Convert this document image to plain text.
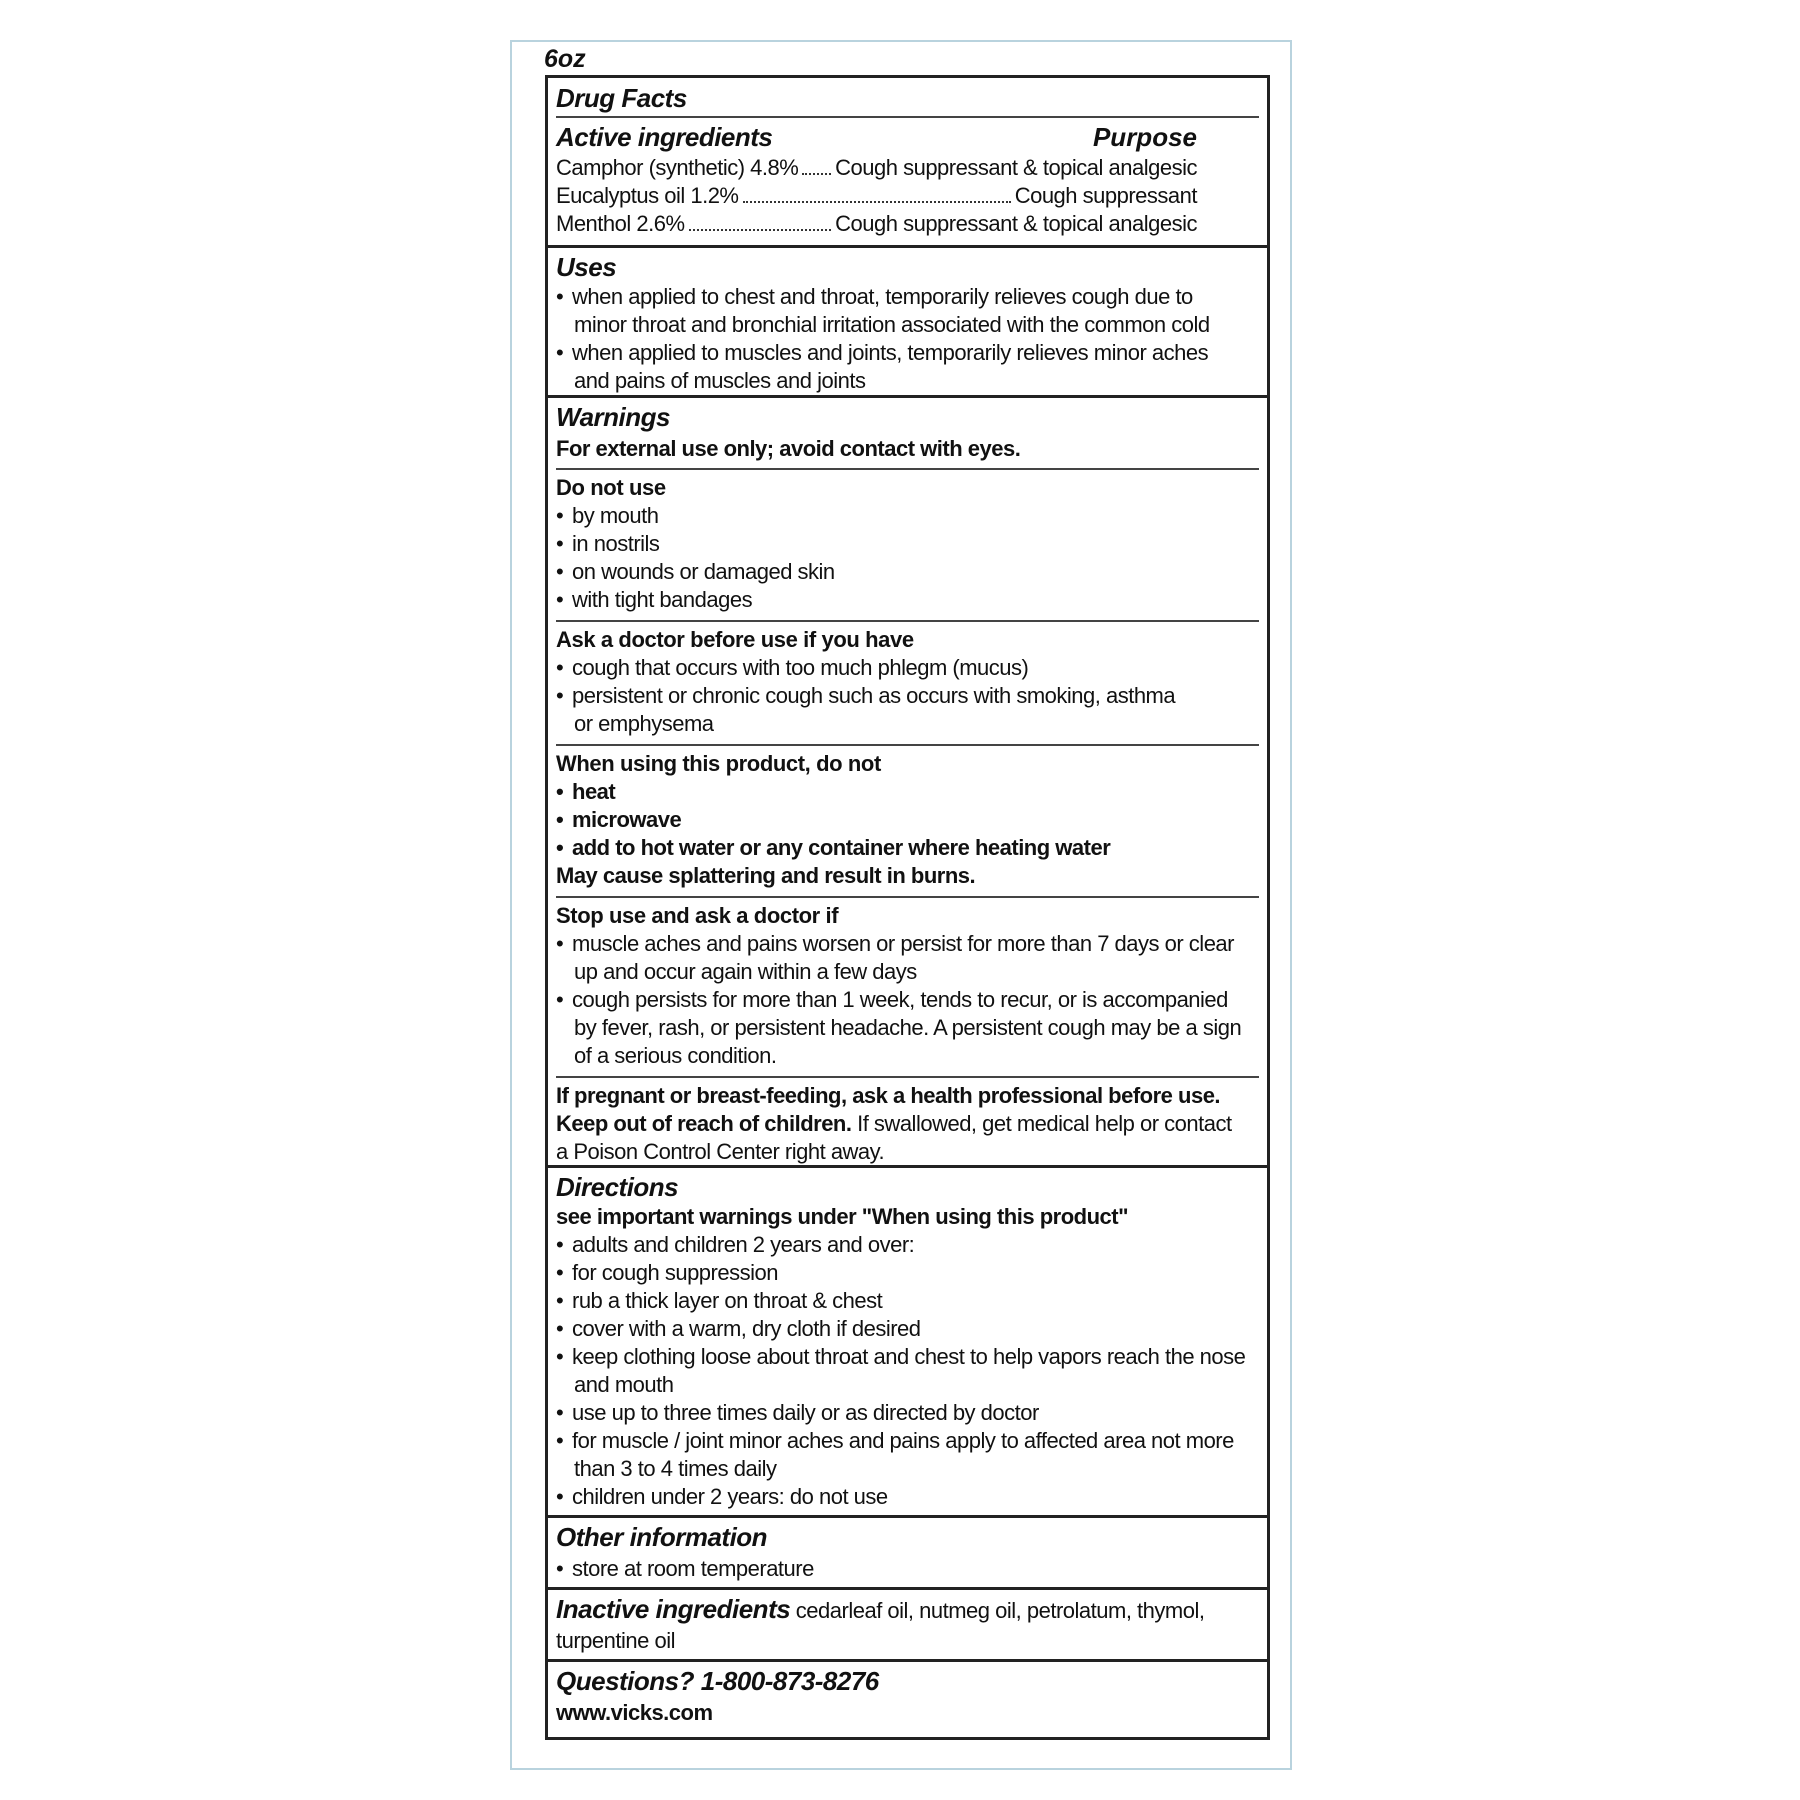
6oz
Drug Facts
Active ingredients	Purpose
Camphor (synthetic) 4.8% Cough suppressant & topical analgesic
Eucalyptus oil 1.2%	Cough suppressant
Menthol 2.6%	Cough suppressant & topical analgesic
Uses
• when applied to chest and throat, temporarily relieves cough due to
minor throat and bronchial irritation associated with the common cold
• when applied to muscles and joints, temporarily relieves minor aches
and pains of muscles and joints
Warnings
For external use only; avoid contact with eyes.
Do not use
• by mouth
• in nostrils
• on wounds or damaged skin
• with tight bandages
Ask a doctor before use if you have
• cough that occurs with too much phlegm (mucus)
• persistent or chronic cough such as occurs with smoking, asthma
or emphysema
When using this product, do not
• heat
• microwave
• add to hot water or any container where heating water
May cause splattering and result in burns.
Stop use and ask a doctor if
• muscle aches and pains worsen or persist for more than 7 days or clear
up and occur again within a few days
• cough persists for more than 1 week, tends to recur, or is accompanied
by fever, rash, or persistent headache. A persistent cough may be a sign
of a serious condition.
If pregnant or breast-feeding, ask a health professional before use.
Keep out of reach of children. If swallowed, get medical help or contact
a Poison Control Center right away.
Directions
see important warnings under "When using this product"
• adults and children 2 years and over:
• for cough suppression
• rub a thick layer on throat & chest
• cover with a warm, dry cloth if desired
• keep clothing loose about throat and chest to help vapors reach the nose
and mouth
• use up to three times daily or as directed by doctor
• for muscle / joint minor aches and pains apply to affected area not more
than 3 to 4 times daily
• children under 2 years: do not use
Other information
• store at room temperature
Inactive ingredients cedarleaf oil, nutmeg oil, petrolatum, thymol,
turpentine oil
Questions? 1-800-873-8276
www.vicks.com
